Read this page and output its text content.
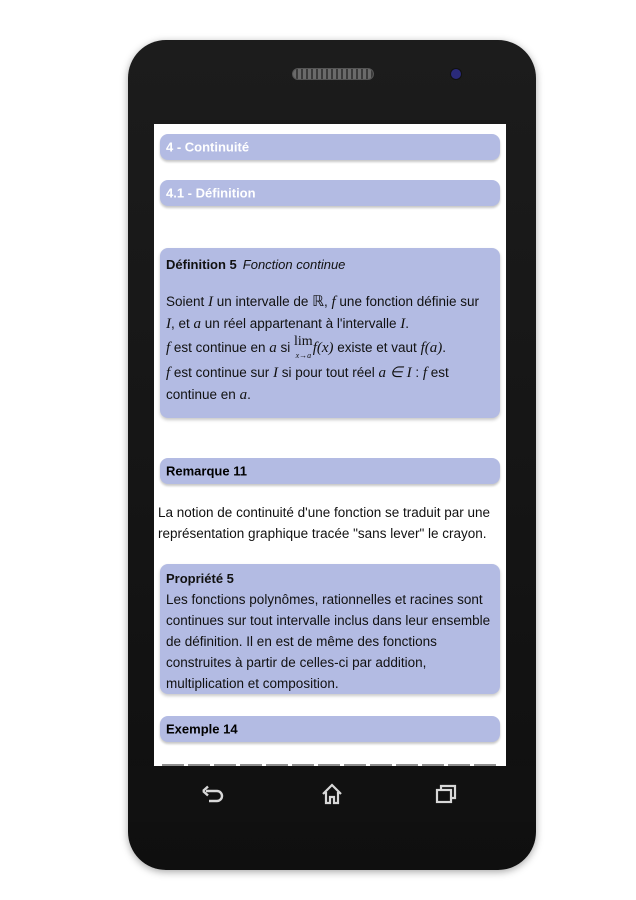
4 - Continuité
4.1 - Définition
Définition 5 Fonction continue
Soient I un intervalle de ℝ, f une fonction définie sur
I, et a un réel appartenant à l'intervalle I.
f est continue en a si lim
x→a f(x) existe et vaut f(a).
f est continue sur I si pour tout réel a ∈ I : f est
continue en a.
Remarque 11
La notion de continuité d'une fonction se traduit par une représentation graphique tracée "sans lever" le crayon.
Propriété 5
Les fonctions polynômes, rationnelles et racines sont continues sur tout intervalle inclus dans leur ensemble de définition. Il en est de même des fonctions construites à partir de celles-ci par addition, multiplication et composition.
Exemple 14
